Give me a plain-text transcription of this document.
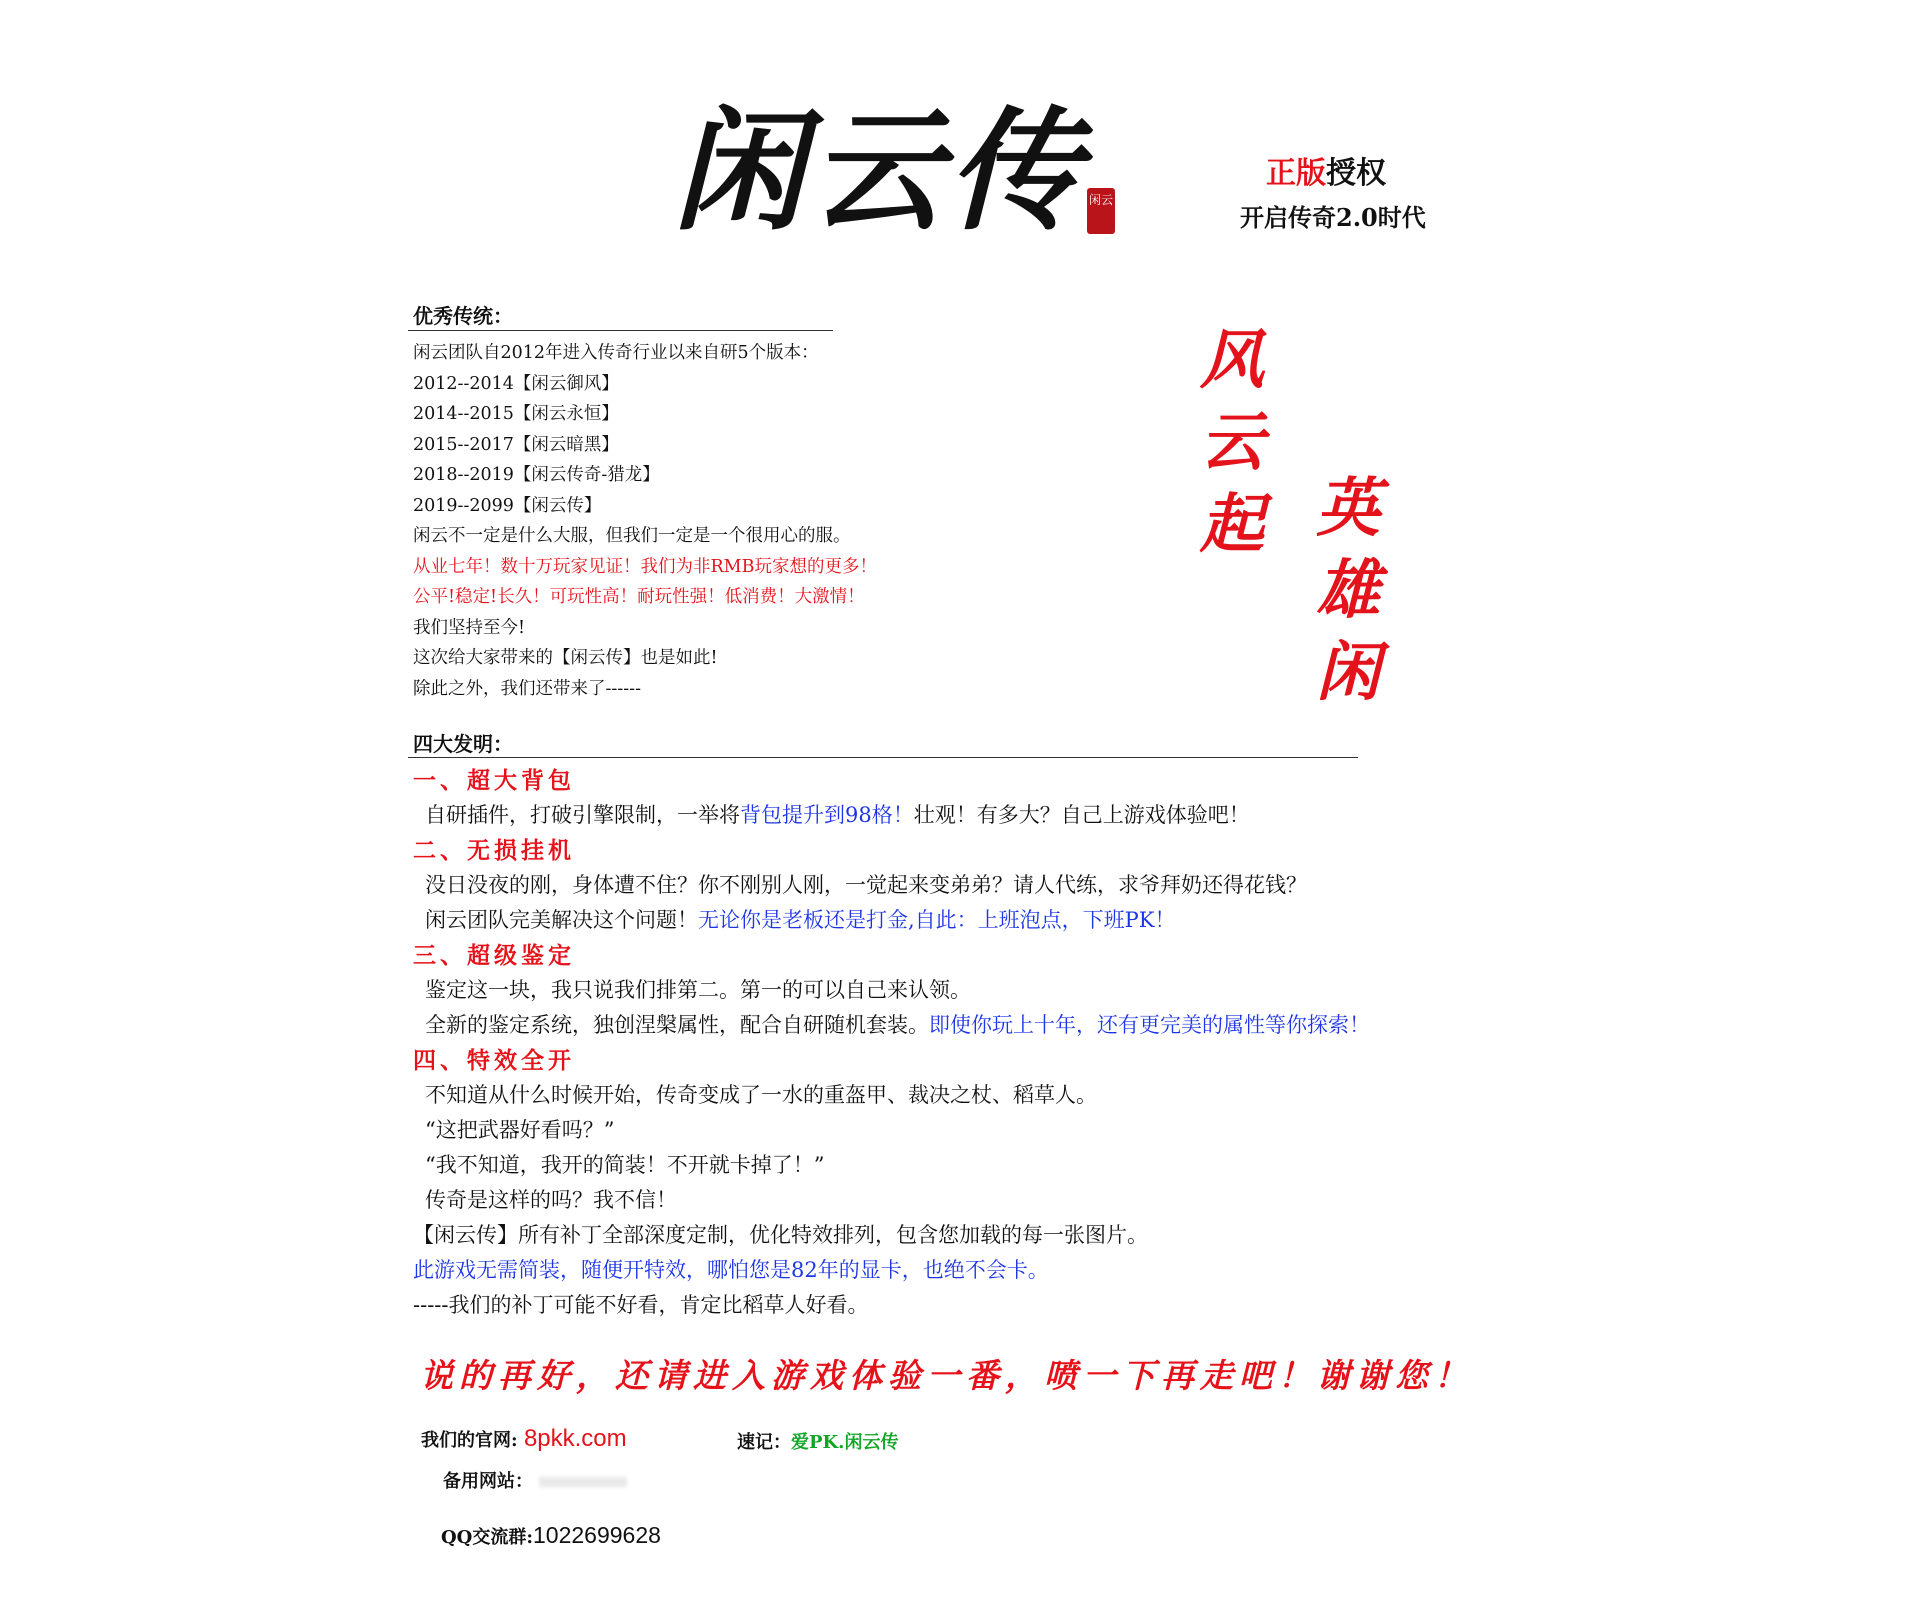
闲云传 闲云
正版授权
开启传奇2.0时代
风
云
起 英
雄
闲
优秀传统：
闲云团队自2012年进入传奇行业以来自研5个版本：
2012--2014【闲云御风】
2014--2015【闲云永恒】
2015--2017【闲云暗黑】
2018--2019【闲云传奇-猎龙】
2019--2099【闲云传】
闲云不一定是什么大服，但我们一定是一个很用心的服。
从业七年！数十万玩家见证！我们为非RMB玩家想的更多！
公平!稳定!长久！可玩性高！耐玩性强！低消费！大激情！
我们坚持至今!
这次给大家带来的【闲云传】也是如此!
除此之外，我们还带来了------
四大发明：
一、超大背包
自研插件，打破引擎限制，一举将背包提升到98格！壮观！有多大？自己上游戏体验吧！
二、无损挂机
没日没夜的刚，身体遭不住？你不刚别人刚，一觉起来变弟弟？请人代练，求爷拜奶还得花钱？
闲云团队完美解决这个问题！无论你是老板还是打金,自此：上班泡点，下班PK！
三、超级鉴定
鉴定这一块，我只说我们排第二。第一的可以自己来认领。
全新的鉴定系统，独创涅槃属性，配合自研随机套装。即使你玩上十年，还有更完美的属性等你探索！
四、特效全开
不知道从什么时候开始，传奇变成了一水的重盔甲、裁决之杖、稻草人。
“这把武器好看吗？”
“我不知道，我开的简装！不开就卡掉了！”
传奇是这样的吗？我不信！
【闲云传】所有补丁全部深度定制，优化特效排列，包含您加载的每一张图片。
此游戏无需简装，随便开特效，哪怕您是82年的显卡，也绝不会卡。
-----我们的补丁可能不好看，肯定比稻草人好看。
说的再好，还请进入游戏体验一番，喷一下再走吧！谢谢您！
我们的官网: 8pkk.com	速记：爱PK.闲云传
备用网站：
QQ交流群:1022699628
